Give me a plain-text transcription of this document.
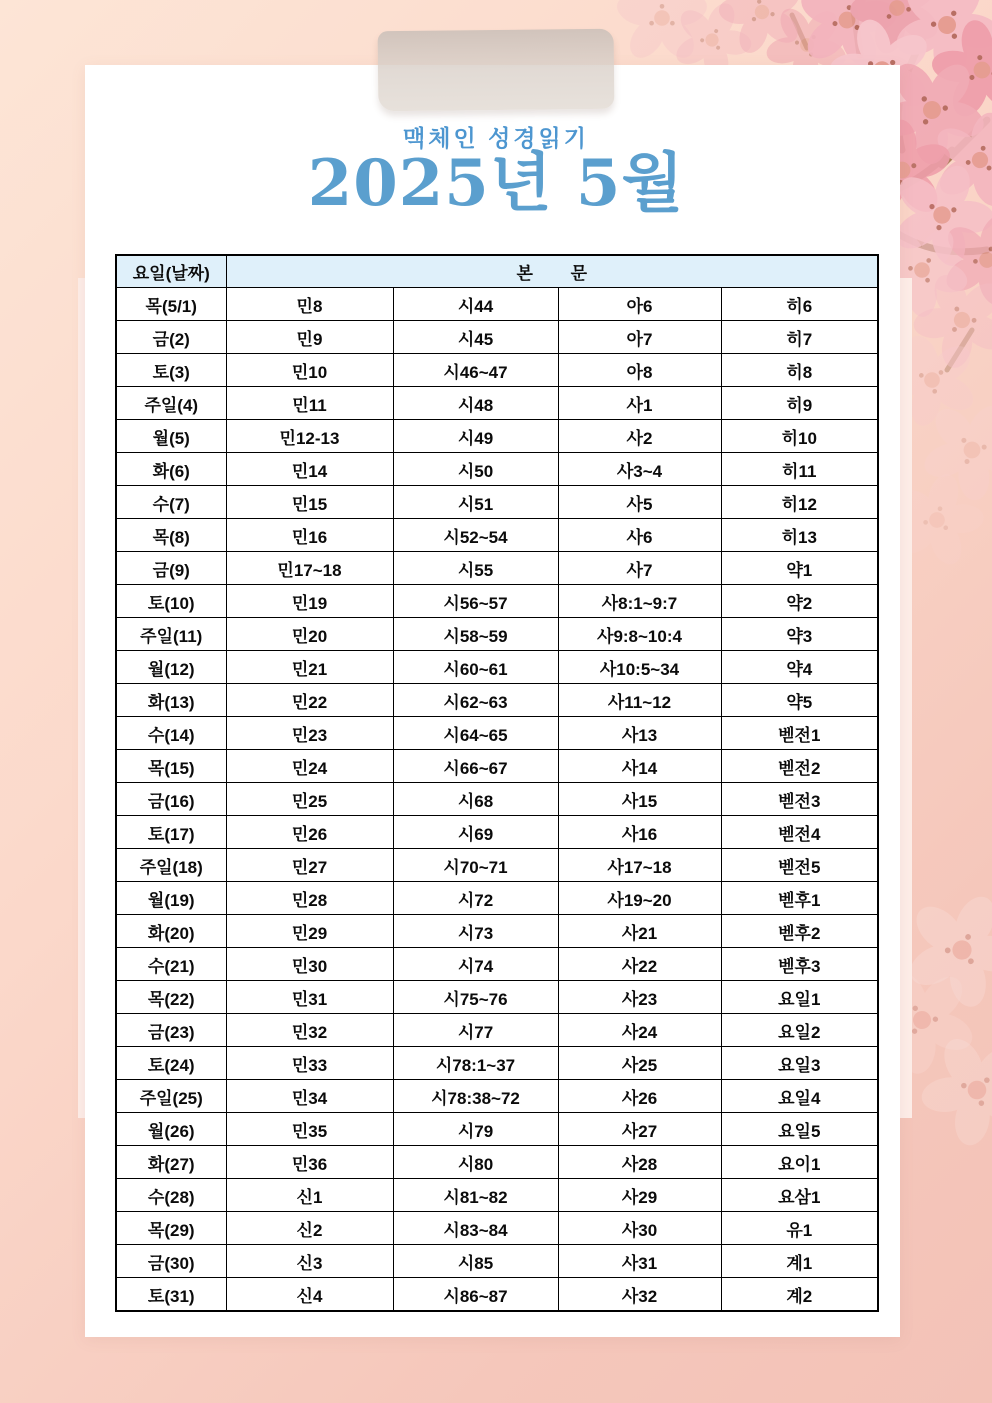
요일(날짜)	본        문			
목(5/1)	민8	시44	아6	히6
금(2)	민9	시45	아7	히7
토(3)	민10	시46~47	아8	히8
주일(4)	민11	시48	사1	히9
월(5)	민12-13	시49	사2	히10
화(6)	민14	시50	사3~4	히11
수(7)	민15	시51	사5	히12
목(8)	민16	시52~54	사6	히13
금(9)	민17~18	시55	사7	약1
토(10)	민19	시56~57	사8:1~9:7	약2
주일(11)	민20	시58~59	사9:8~10:4	약3
월(12)	민21	시60~61	사10:5~34	약4
화(13)	민22	시62~63	사11~12	약5
수(14)	민23	시64~65	사13	벧전1
목(15)	민24	시66~67	사14	벧전2
금(16)	민25	시68	사15	벧전3
토(17)	민26	시69	사16	벧전4
주일(18)	민27	시70~71	사17~18	벧전5
월(19)	민28	시72	사19~20	벧후1
화(20)	민29	시73	사21	벧후2
수(21)	민30	시74	사22	벧후3
목(22)	민31	시75~76	사23	요일1
금(23)	민32	시77	사24	요일2
토(24)	민33	시78:1~37	사25	요일3
주일(25)	민34	시78:38~72	사26	요일4
월(26)	민35	시79	사27	요일5
화(27)	민36	시80	사28	요이1
수(28)	신1	시81~82	사29	요삼1
목(29)	신2	시83~84	사30	유1
금(30)	신3	시85	사31	계1
토(31)	신4	시86~87	사32	계2
맥체인 성경읽기
2025년 5월
